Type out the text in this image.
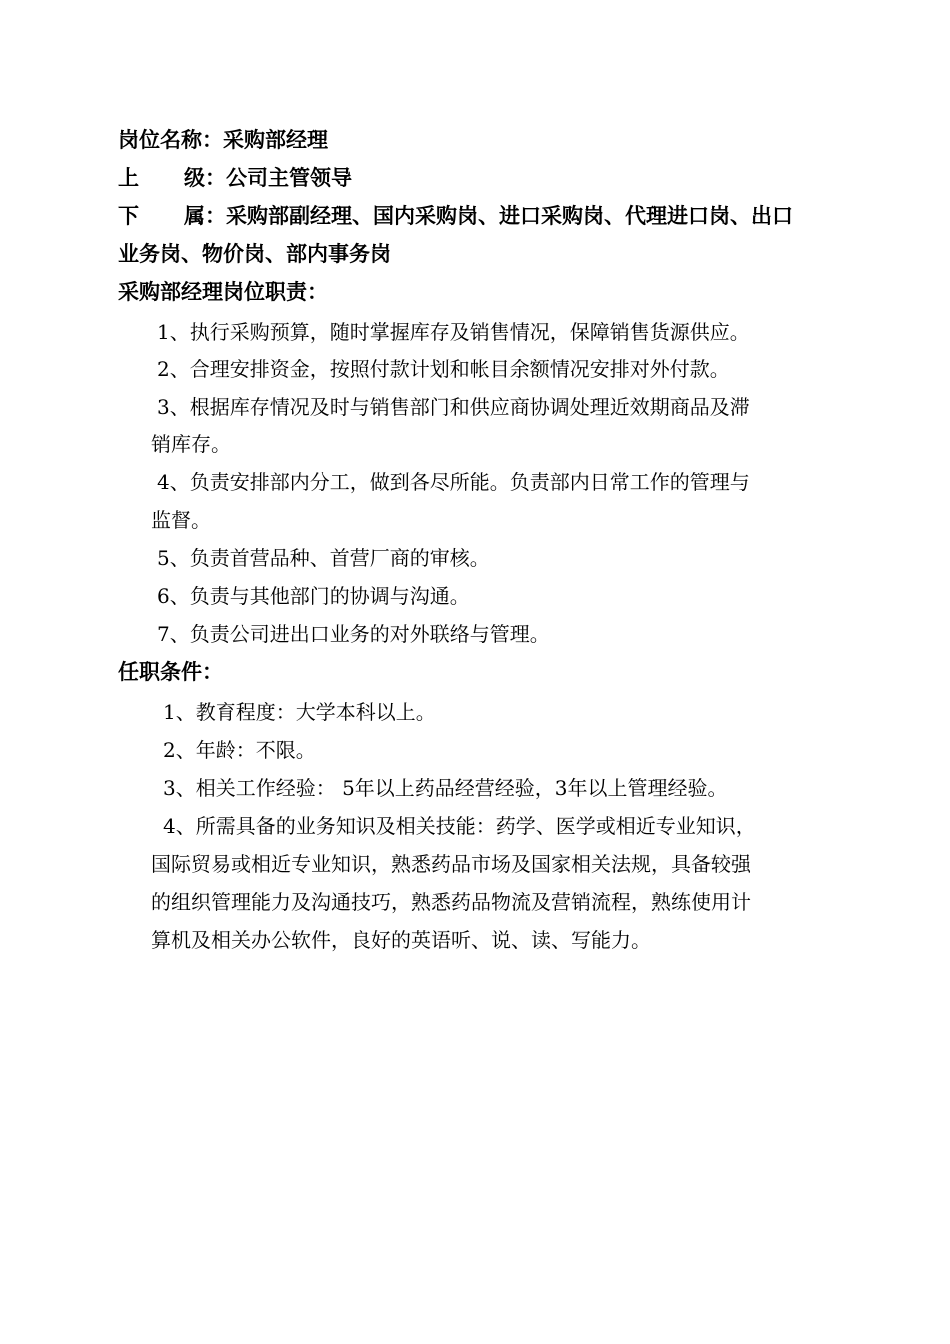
岗位名称：采购部经理
上 级：公司主管领导
下 属：采购部副经理、国内采购岗、进口采购岗、代理进口岗、出口
业务岗、物价岗、部内事务岗
采购部经理岗位职责：
1、执行采购预算，随时掌握库存及销售情况，保障销售货源供应。
2、合理安排资金，按照付款计划和帐目余额情况安排对外付款。
3、根据库存情况及时与销售部门和供应商协调处理近效期商品及滞
销库存。
4、负责安排部内分工，做到各尽所能。负责部内日常工作的管理与
监督。
5、负责首营品种、首营厂商的审核。
6、负责与其他部门的协调与沟通。
7、负责公司进出口业务的对外联络与管理。
任职条件：
1、教育程度：大学本科以上。
2、年龄：不限。
3、相关工作经验： 5年以上药品经营经验，3年以上管理经验。
4、所需具备的业务知识及相关技能：药学、医学或相近专业知识，
国际贸易或相近专业知识，熟悉药品市场及国家相关法规，具备较强
的组织管理能力及沟通技巧，熟悉药品物流及营销流程，熟练使用计
算机及相关办公软件，良好的英语听、说、读、写能力。
